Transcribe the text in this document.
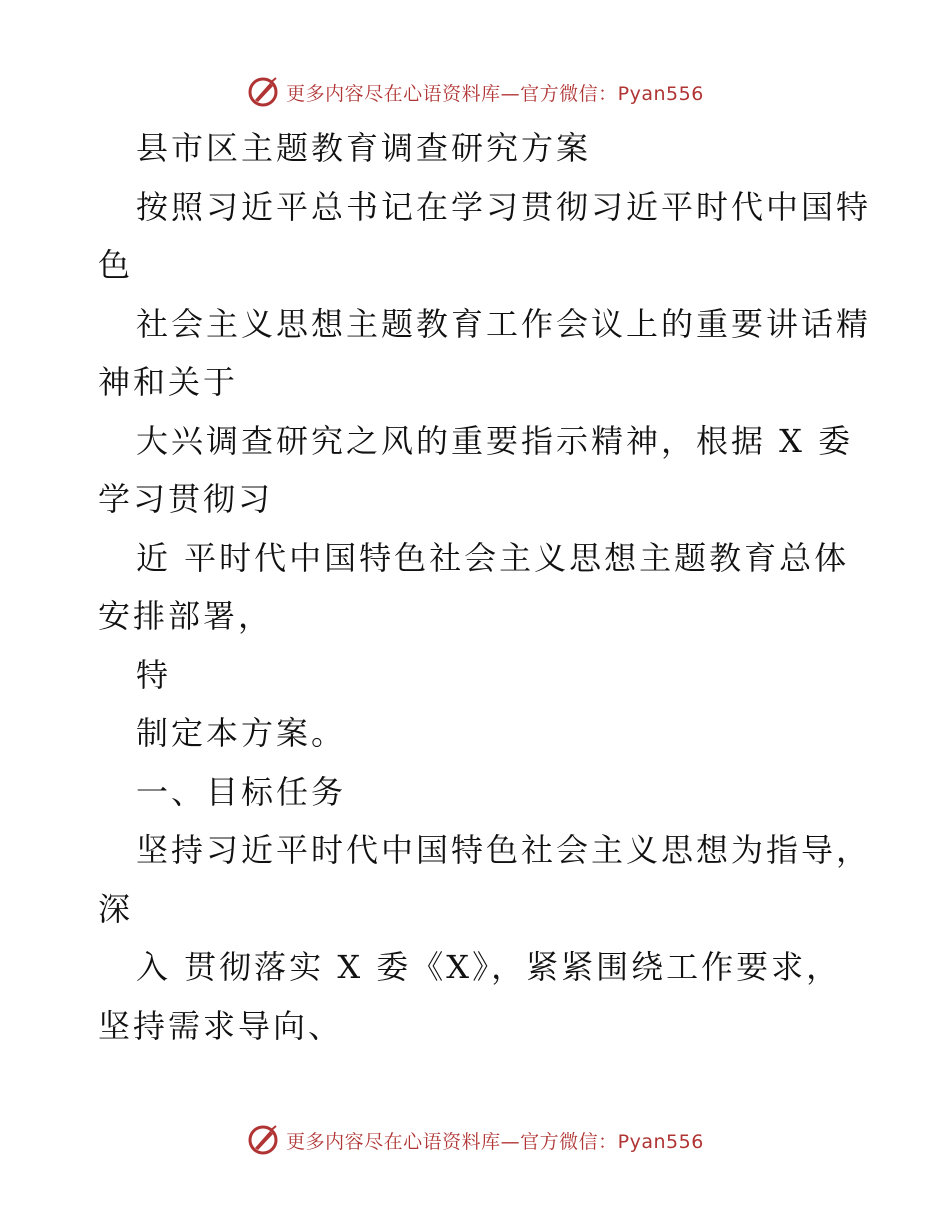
更多内容尽在心语资料库—官方微信：Pyan556
县市区主题教育调查研究方案
按照习近平总书记在学习贯彻习近平时代中国特
色
社会主义思想主题教育工作会议上的重要讲话精
神和关于
大兴调查研究之风的重要指示精神，根据 X 委
学习贯彻习
近 平时代中国特色社会主义思想主题教育总体
安排部署，
特
制定本方案。
一、目标任务
坚持习近平时代中国特色社会主义思想为指导，
深
入 贯彻落实 X 委《X》，紧紧围绕工作要求，
坚持需求导向、
更多内容尽在心语资料库—官方微信：Pyan556
